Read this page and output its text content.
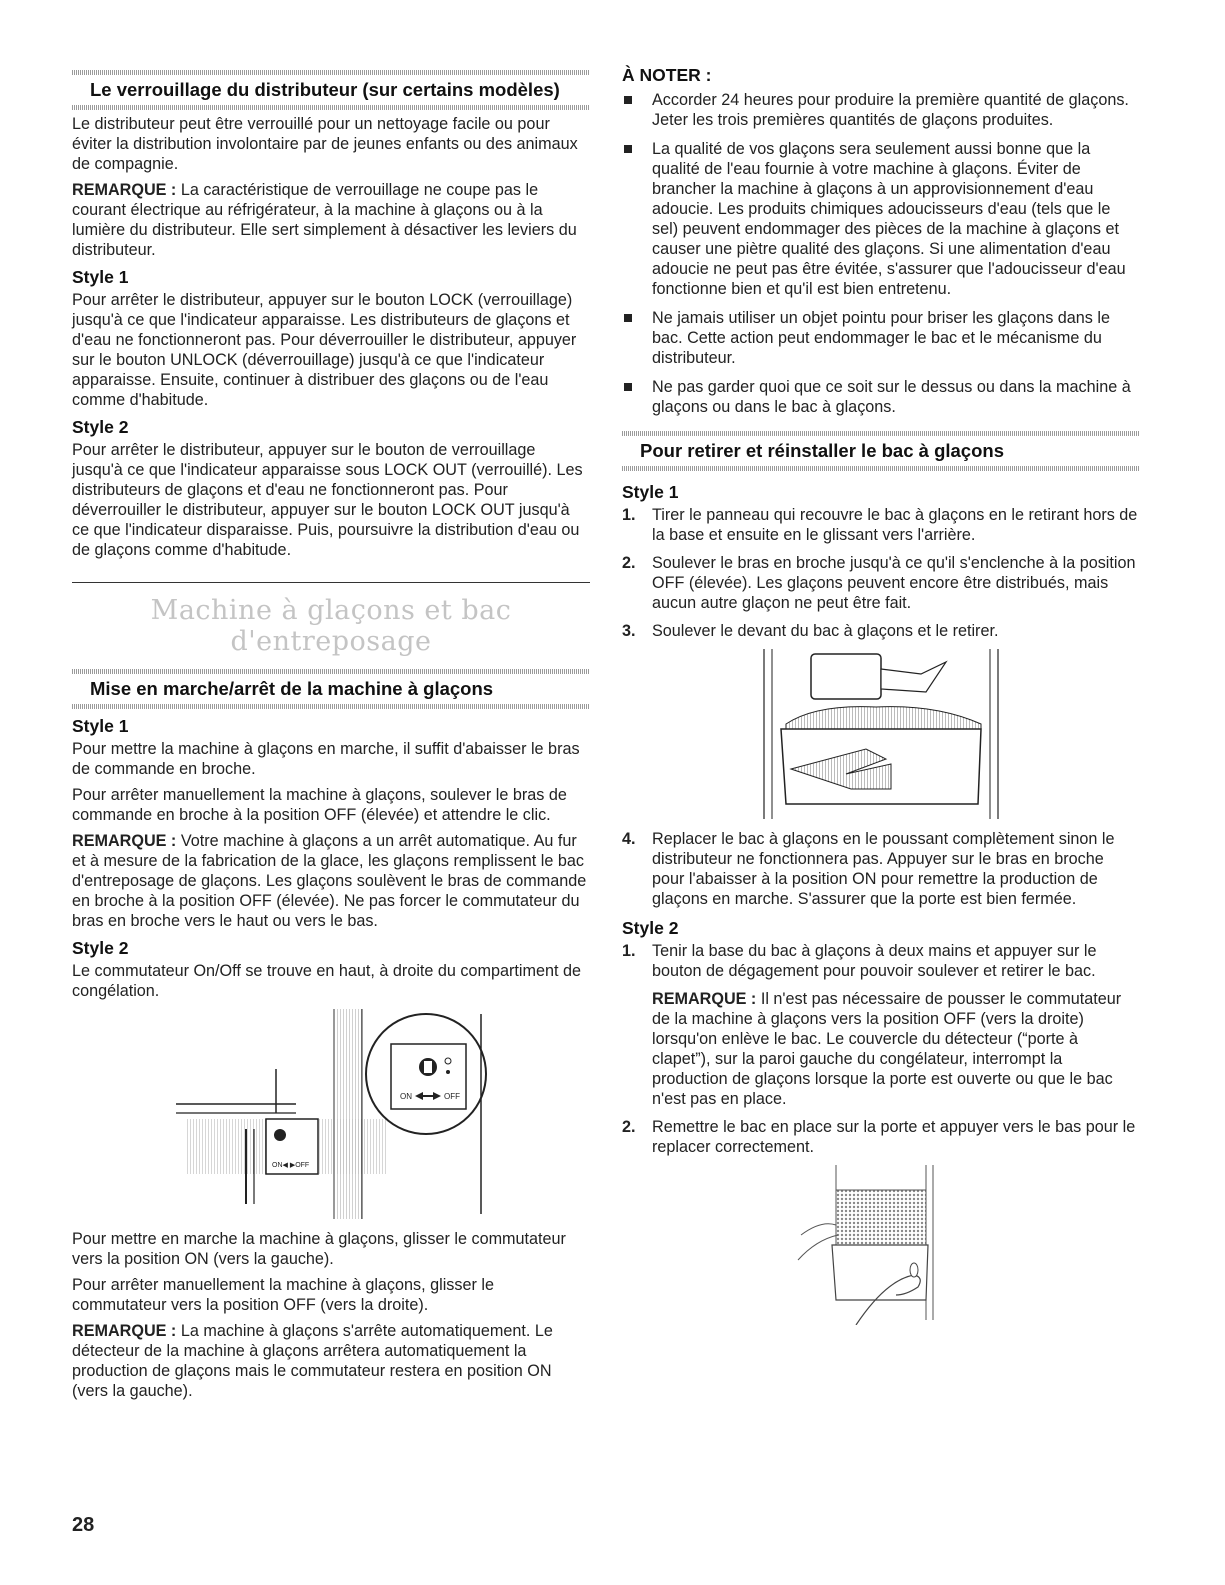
Le verrouillage du distributeur (sur certains modèles)

Le distributeur peut être verrouillé pour un nettoyage facile ou pour éviter la distribution involontaire par de jeunes enfants ou des animaux de compagnie.

REMARQUE : La caractéristique de verrouillage ne coupe pas le courant électrique au réfrigérateur, à la machine à glaçons ou à la lumière du distributeur. Elle sert simplement à désactiver les leviers du distributeur.

Style 1

Pour arrêter le distributeur, appuyer sur le bouton LOCK (verrouillage) jusqu'à ce que l'indicateur apparaisse. Les distributeurs de glaçons et d'eau ne fonctionneront pas. Pour déverrouiller le distributeur, appuyer sur le bouton UNLOCK (déverrouillage) jusqu'à ce que l'indicateur apparaisse. Ensuite, continuer à distribuer des glaçons ou de l'eau comme d'habitude.

Style 2

Pour arrêter le distributeur, appuyer sur le bouton de verrouillage jusqu'à ce que l'indicateur apparaisse sous LOCK OUT (verrouillé). Les distributeurs de glaçons et d'eau ne fonctionneront pas. Pour déverrouiller le distributeur, appuyer sur le bouton LOCK OUT jusqu'à ce que l'indicateur disparaisse. Puis, poursuivre la distribution d'eau ou de glaçons comme d'habitude.

Machine à glaçons et bac d'entreposage
Mise en marche/arrêt de la machine à glaçons
Style 1

Pour mettre la machine à glaçons en marche, il suffit d'abaisser le bras de commande en broche.

Pour arrêter manuellement la machine à glaçons, soulever le bras de commande en broche à la position OFF (élevée) et attendre le clic.

REMARQUE : Votre machine à glaçons a un arrêt automatique. Au fur et à mesure de la fabrication de la glace, les glaçons remplissent le bac d'entreposage de glaçons. Les glaçons soulèvent le bras de commande en broche à la position OFF (élevée). Ne pas forcer le commutateur du bras en broche vers le haut ou vers le bas.

Style 2

Le commutateur On/Off se trouve en haut, à droite du compartiment de congélation.

ON◀ ▶OFF
ON	OFF

Pour mettre en marche la machine à glaçons, glisser le commutateur vers la position ON (vers la gauche).

Pour arrêter manuellement la machine à glaçons, glisser le commutateur vers la position OFF (vers la droite).

REMARQUE : La machine à glaçons s'arrête automatiquement. Le détecteur de la machine à glaçons arrêtera automatiquement la production de glaçons mais le commutateur restera en position ON (vers la gauche).

À NOTER :
Accorder 24 heures pour produire la première quantité de glaçons. Jeter les trois premières quantités de glaçons produites.
La qualité de vos glaçons sera seulement aussi bonne que la qualité de l'eau fournie à votre machine à glaçons. Éviter de brancher la machine à glaçons à un approvisionnement d'eau adoucie. Les produits chimiques adoucisseurs d'eau (tels que le sel) peuvent endommager des pièces de la machine à glaçons et causer une piètre qualité des glaçons. Si une alimentation d'eau adoucie ne peut pas être évitée, s'assurer que l'adoucisseur d'eau fonctionne bien et qu'il est bien entretenu.
Ne jamais utiliser un objet pointu pour briser les glaçons dans le bac. Cette action peut endommager le bac et le mécanisme du distributeur.
Ne pas garder quoi que ce soit sur le dessus ou dans la machine à glaçons ou dans le bac à glaçons.
Pour retirer et réinstaller le bac à glaçons
Style 1
1. Tirer le panneau qui recouvre le bac à glaçons en le retirant hors de la base et ensuite en le glissant vers l'arrière.
2. Soulever le bras en broche jusqu'à ce qu'il s'enclenche à la position OFF (élevée). Les glaçons peuvent encore être distribués, mais aucun autre glaçon ne peut être fait.
3. Soulever le devant du bac à glaçons et le retirer.
4. Replacer le bac à glaçons en le poussant complètement sinon le distributeur ne fonctionnera pas. Appuyer sur le bras en broche pour l'abaisser à la position ON pour remettre la production de glaçons en marche. S'assurer que la porte est bien fermée.
Style 2
1. Tenir la base du bac à glaçons à deux mains et appuyer sur le bouton de dégagement pour pouvoir soulever et retirer le bac.

REMARQUE : Il n'est pas nécessaire de pousser le commutateur de la machine à glaçons vers la position OFF (vers la droite) lorsqu'on enlève le bac. Le couvercle du détecteur (“porte à clapet”), sur la paroi gauche du congélateur, interrompt la production de glaçons lorsque la porte est ouverte ou que le bac n'est pas en place.

2. Remettre le bac en place sur la porte et appuyer vers le bas pour le replacer correctement.
28
